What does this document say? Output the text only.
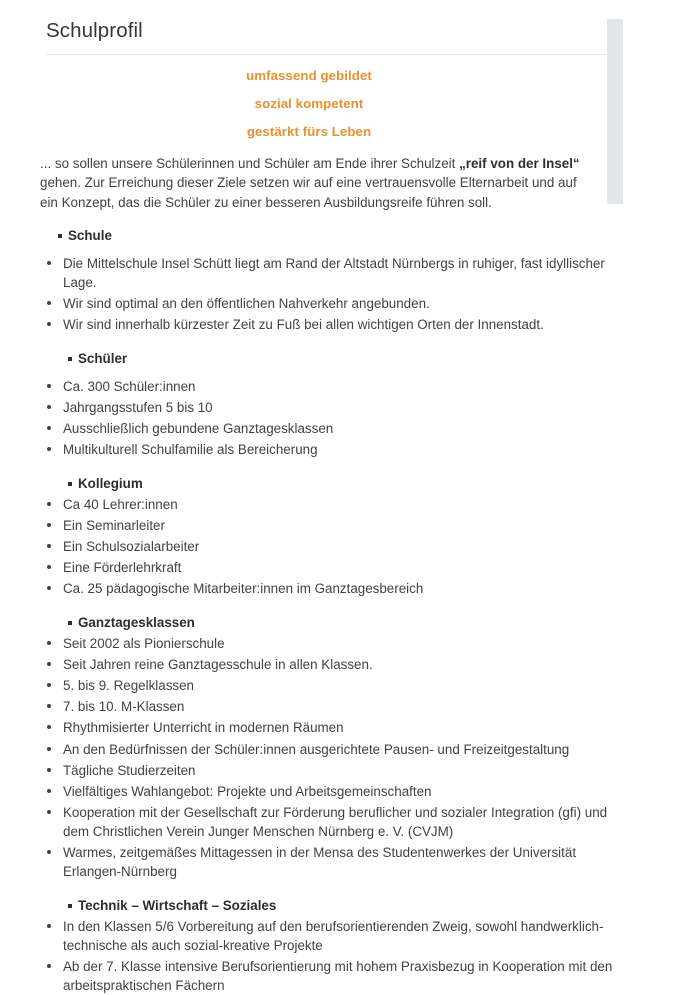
Schulprofil
umfassend gebildet
sozial kompetent
gestärkt fürs Leben

... so sollen unsere Schülerinnen und Schüler am Ende ihrer Schulzeit „reif von der Insel“ gehen. Zur Erreichung dieser Ziele setzen wir auf eine vertrauensvolle Elternarbeit und auf ein Konzept, das die Schüler zu einer besseren Ausbildungsreife führen soll.

Schule
Die Mittelschule Insel Schütt liegt am Rand der Altstadt Nürnbergs in ruhiger, fast idyllischer Lage.
Wir sind optimal an den öffentlichen Nahverkehr angebunden.
Wir sind innerhalb kürzester Zeit zu Fuß bei allen wichtigen Orten der Innenstadt.
Schüler
Ca. 300 Schüler:innen
Jahrgangsstufen 5 bis 10
Ausschließlich gebundene Ganztagesklassen
Multikulturell Schulfamilie als Bereicherung
Kollegium
Ca 40 Lehrer:innen
Ein Seminarleiter
Ein Schulsozialarbeiter
Eine Förderlehrkraft
Ca. 25 pädagogische Mitarbeiter:innen im Ganztagesbereich
Ganztagesklassen
Seit 2002 als Pionierschule
Seit Jahren reine Ganztagesschule in allen Klassen.
5. bis 9. Regelklassen
7. bis 10. M-Klassen
Rhythmisierter Unterricht in modernen Räumen
An den Bedürfnissen der Schüler:innen ausgerichtete Pausen- und Freizeitgestaltung
Tägliche Studierzeiten
Vielfältiges Wahlangebot: Projekte und Arbeitsgemeinschaften
Kooperation mit der Gesellschaft zur Förderung beruflicher und sozialer Integration (gfi) und dem Christlichen Verein Junger Menschen Nürnberg e. V. (CVJM)
Warmes, zeitgemäßes Mittagessen in der Mensa des Studentenwerkes der Universität Erlangen-Nürnberg
Technik – Wirtschaft – Soziales
In den Klassen 5/6 Vorbereitung auf den berufsorientierenden Zweig, sowohl handwerklich-technische als auch sozial-kreative Projekte
Ab der 7. Klasse intensive Berufsorientierung mit hohem Praxisbezug in Kooperation mit den arbeitspraktischen Fächern
